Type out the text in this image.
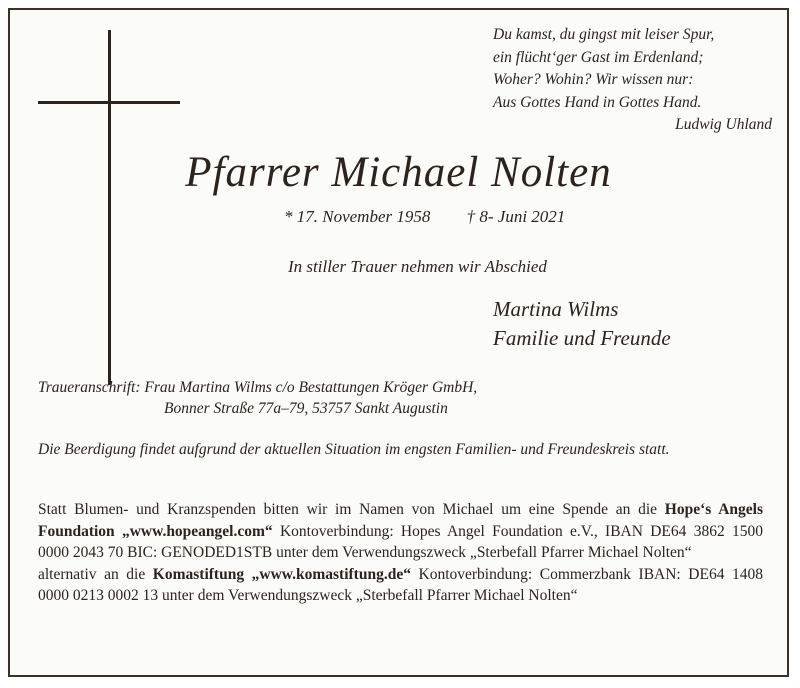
Du kamst, du gingst mit leiser Spur,
ein flücht‘ger Gast im Erdenland;
Woher? Wohin? Wir wissen nur:
Aus Gottes Hand in Gottes Hand.
Ludwig Uhland
Pfarrer Michael Nolten
* 17. November 1958 † 8- Juni 2021
In stiller Trauer nehmen wir Abschied
Martina Wilms
Familie und Freunde
Traueranschrift: Frau Martina Wilms c/o Bestattungen Kröger GmbH,
Bonner Straße 77a–79, 53757 Sankt Augustin
Die Beerdigung findet aufgrund der aktuellen Situation im engsten Familien- und Freundeskreis statt.
Statt Blumen- und Kranzspenden bitten wir im Namen von Michael um eine Spende an die Hope‘s Angels Foundation „www.hopeangel.com“ Kontoverbindung: Hopes Angel Foundation e.V., IBAN DE64 3862 1500 0000 2043 70 BIC: GENODED1STB unter dem Verwendungszweck „Sterbefall Pfarrer Michael Nolten“
alternativ an die Komastiftung „www.komastiftung.de“ Kontoverbindung: Commerzbank IBAN: DE64 1408 0000 0213 0002 13 unter dem Verwendungszweck „Sterbefall Pfarrer Michael Nolten“
